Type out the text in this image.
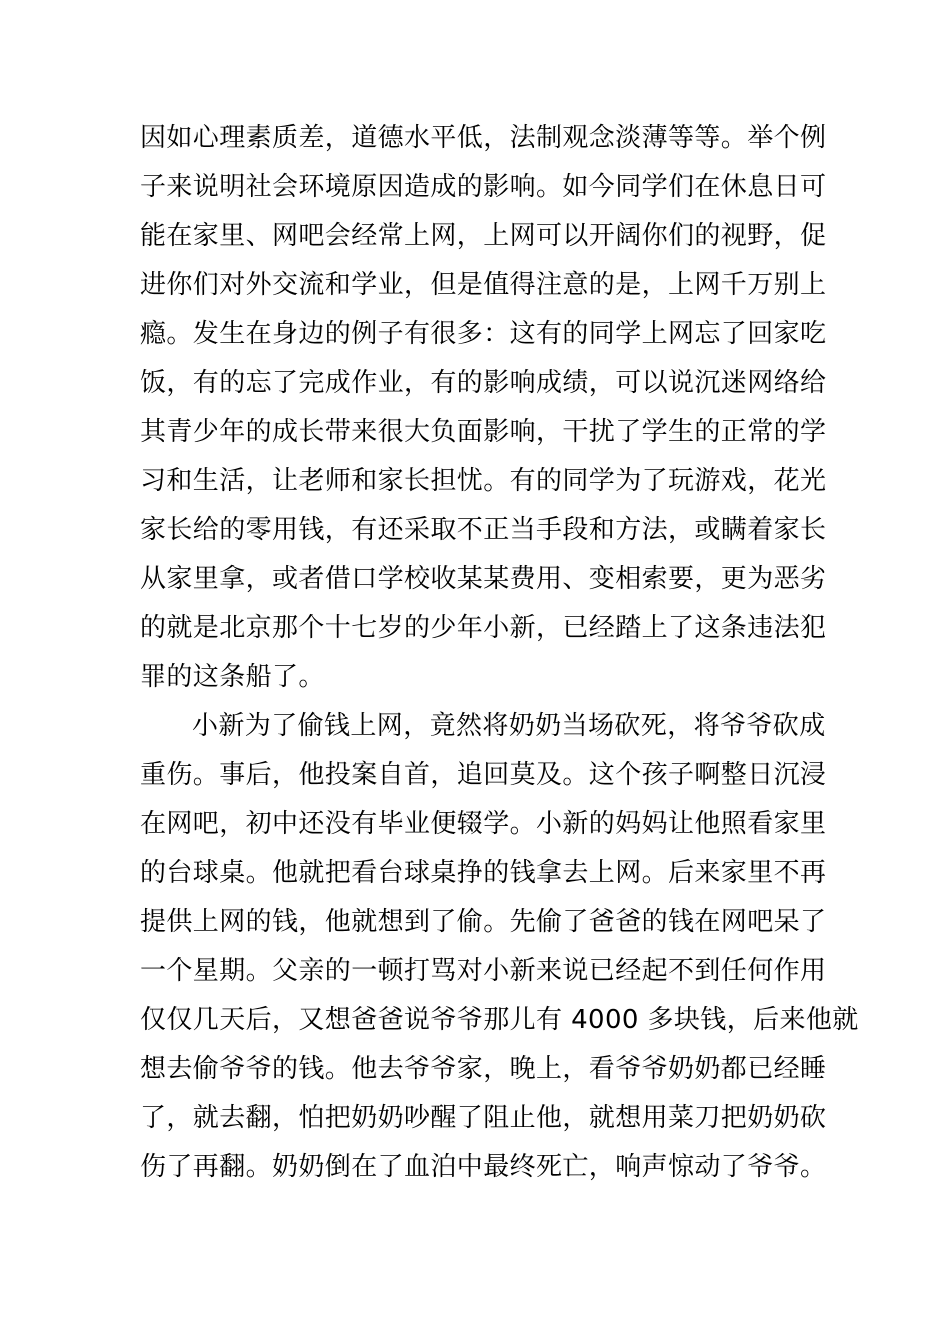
因如心理素质差，道德水平低，法制观念淡薄等等。举个例
子来说明社会环境原因造成的影响。如今同学们在休息日可
能在家里、网吧会经常上网，上网可以开阔你们的视野，促
进你们对外交流和学业，但是值得注意的是，上网千万别上
瘾。发生在身边的例子有很多：这有的同学上网忘了回家吃
饭，有的忘了完成作业，有的影响成绩，可以说沉迷网络给
其青少年的成长带来很大负面影响，干扰了学生的正常的学
习和生活，让老师和家长担忧。有的同学为了玩游戏，花光
家长给的零用钱，有还采取不正当手段和方法，或瞒着家长
从家里拿，或者借口学校收某某费用、变相索要，更为恶劣
的就是北京那个十七岁的少年小新，已经踏上了这条违法犯
罪的这条船了。
小新为了偷钱上网，竟然将奶奶当场砍死，将爷爷砍成
重伤。事后，他投案自首，追回莫及。这个孩子啊整日沉浸
在网吧，初中还没有毕业便辍学。小新的妈妈让他照看家里
的台球桌。他就把看台球桌挣的钱拿去上网。后来家里不再
提供上网的钱，他就想到了偷。先偷了爸爸的钱在网吧呆了
一个星期。父亲的一顿打骂对小新来说已经起不到任何作用
仅仅几天后，又想爸爸说爷爷那儿有 4000 多块钱，后来他就
想去偷爷爷的钱。他去爷爷家，晚上，看爷爷奶奶都已经睡
了，就去翻，怕把奶奶吵醒了阻止他，就想用菜刀把奶奶砍
伤了再翻。奶奶倒在了血泊中最终死亡，响声惊动了爷爷。
